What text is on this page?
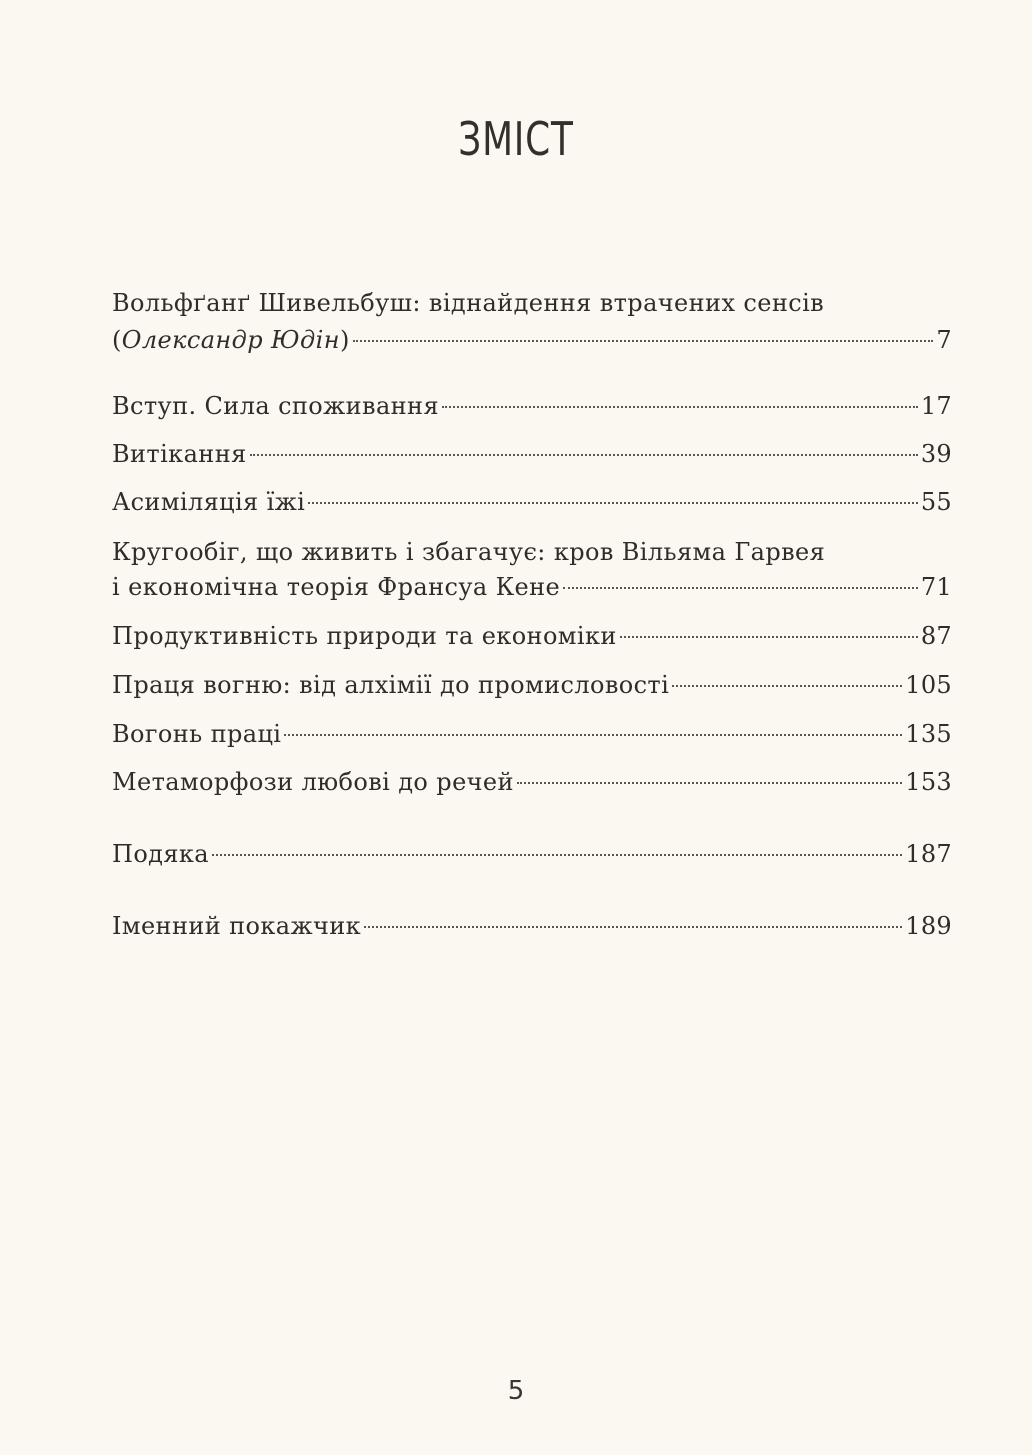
ЗМІСТ
Вольфґанґ Шивельбуш: віднайдення втрачених сенсів
(Олександр Юдін)	7
Вступ. Сила споживання	17
Витікання	39
Асиміляція їжі	55
Кругообіг, що живить і збагачує: кров Вільяма Гарвея
і економічна теорія Франсуа Кене	71
Продуктивність природи та економіки	87
Праця вогню: від алхімії до промисловості	105
Вогонь праці	135
Метаморфози любові до речей	153
Подяка	187
Іменний покажчик	189
5
